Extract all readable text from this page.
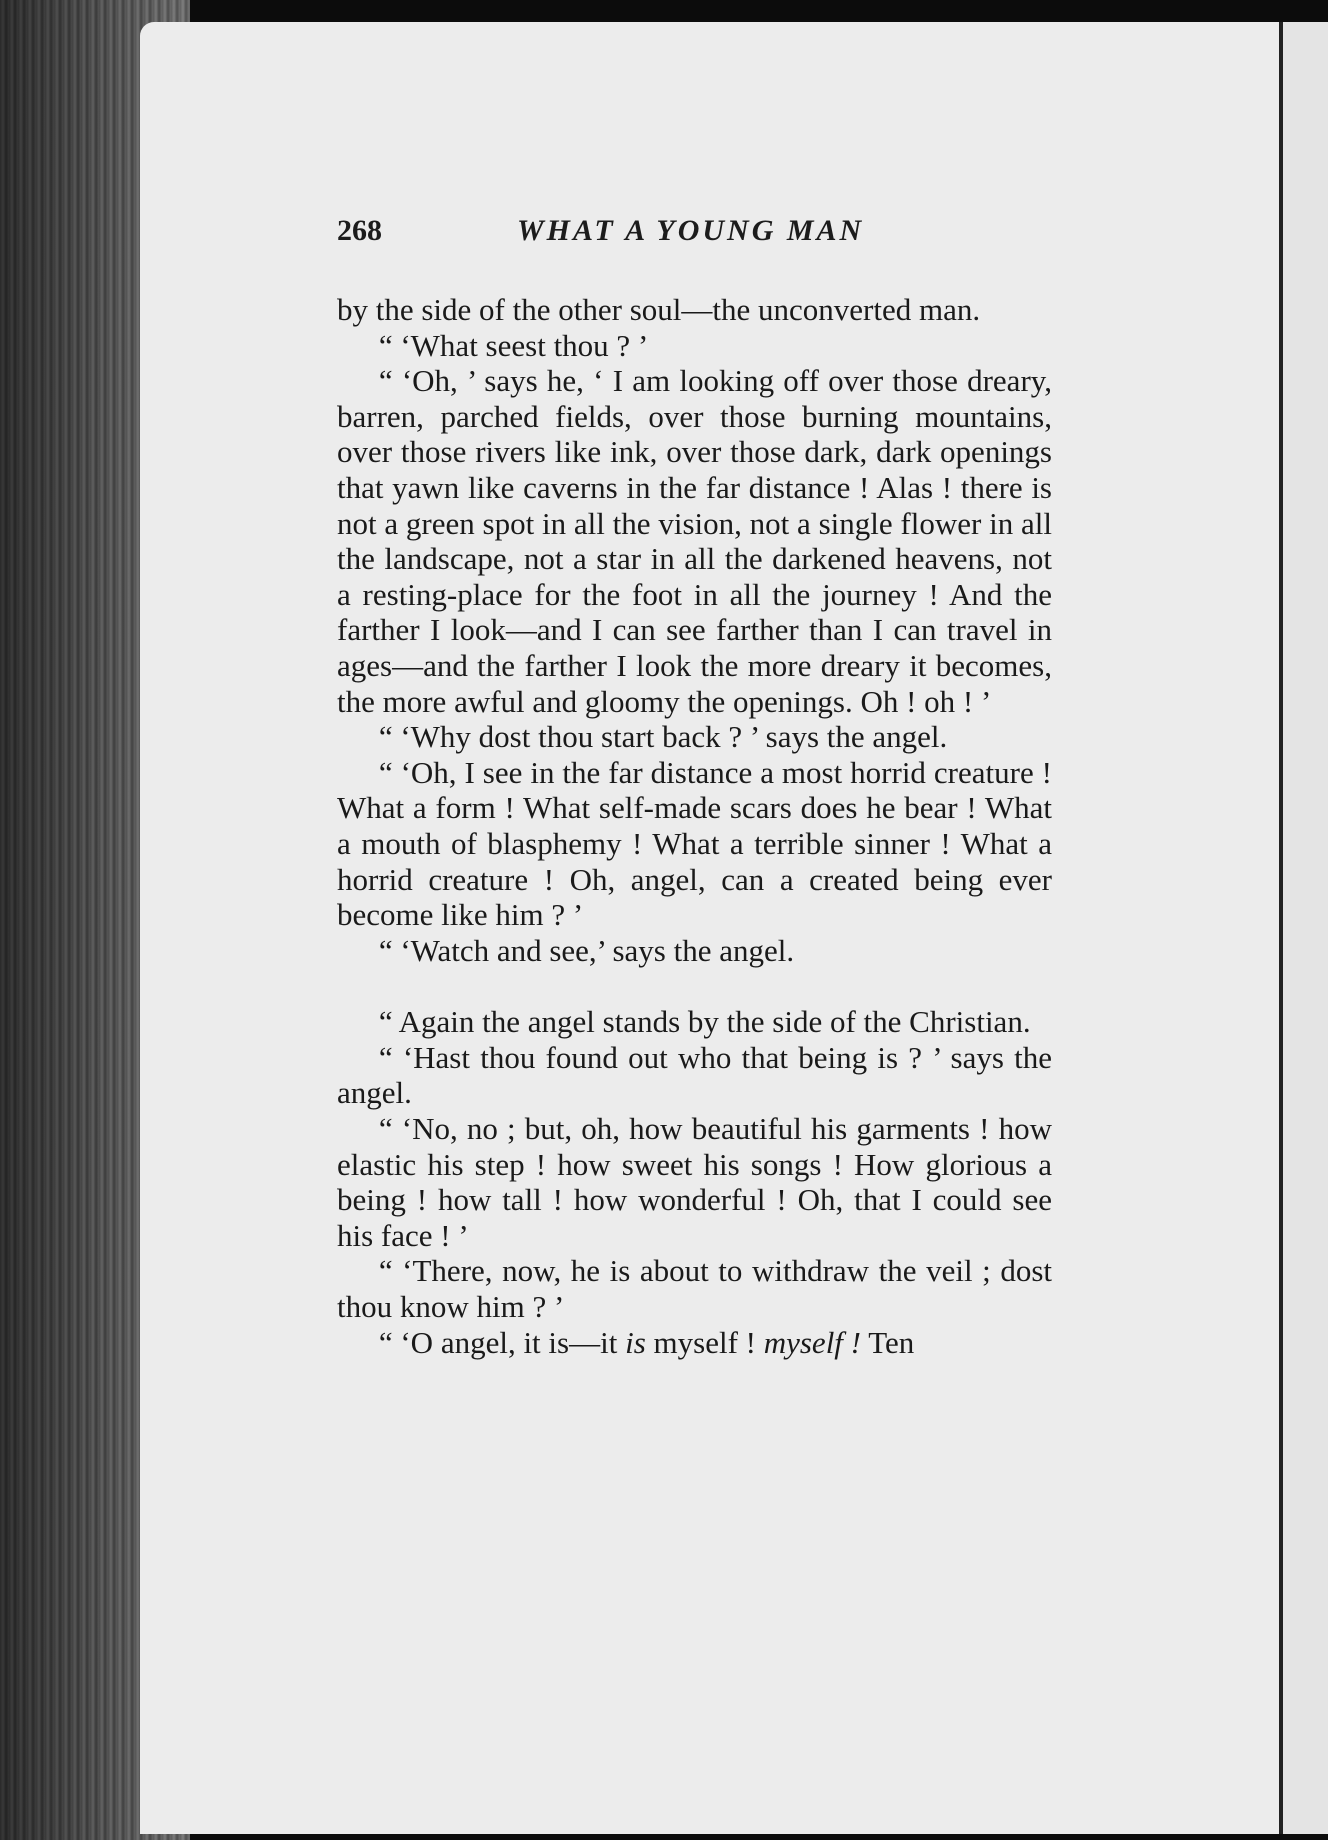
268	WHAT A YOUNG MAN

by the side of the other soul—the unconverted man.

“ ‘What seest thou ? ’

“ ‘Oh, ’ says he, ‘ I am looking off over those dreary, barren, parched fields, over those burning mountains, over those rivers like ink, over those dark, dark openings that yawn like caverns in the far distance ! Alas ! there is not a green spot in all the vision, not a single flower in all the landscape, not a star in all the darkened heavens, not a resting-place for the foot in all the journey ! And the farther I look—and I can see farther than I can travel in ages—and the farther I look the more dreary it becomes, the more awful and gloomy the openings. Oh ! oh ! ’

“ ‘Why dost thou start back ? ’ says the angel.

“ ‘Oh, I see in the far distance a most horrid creature ! What a form ! What self-made scars does he bear ! What a mouth of blasphemy ! What a terrible sinner ! What a horrid creature ! Oh, angel, can a created being ever become like him ? ’

“ ‘Watch and see,’ says the angel.

“ Again the angel stands by the side of the Christian.

“ ‘Hast thou found out who that being is ? ’ says the angel.

“ ‘No, no ; but, oh, how beautiful his garments ! how elastic his step ! how sweet his songs ! How glorious a being ! how tall ! how wonderful ! Oh, that I could see his face ! ’

“ ‘There, now, he is about to withdraw the veil ; dost thou know him ? ’

“ ‘O angel, it is—it is myself ! myself ! Ten
